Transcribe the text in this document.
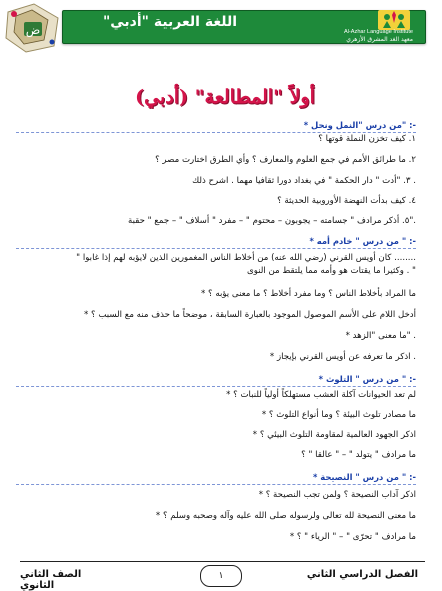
ض	اللغة العربية "أدبي"
Al-Azhar Language Institute
معهد الغد المشرق الأزهري
أولاً "المطالعة" (أدبي)
* من درس "النمل ونحل" :-
١. كيف تخزن النملة قوتها ؟
٢. ما طرائق الأمم في جمع العلوم والمعارف ؟ وأي الطرق اختارت مصر ؟
٣. "أدت " دار الحكمة " في بغداد دورا ثقافيا مهما . اشرح ذلك .
٤. كيف بدأت النهضة الأوروبية الحديثة ؟
٥. أذكر مرادف " جسامته – يجوبون – محتوم " – مفرد " أسلاف " – جمع " حقبة".
* من درس " خادم أمه " :-
" كان أويس القرني (رضي الله عنه) من أخلاط الناس المغمورين الذين لايؤبه لهم إذا غابوا ........
وكثيرا ما يقتات هو وأمه مما يلتقط من النوى . "
* ما المراد بأخلاط الناس ؟ وما مفرد أخلاط ؟ ما معنى يؤبه ؟
* أدخل اللام على الأسم الموصول الموجود بالعبارة السابقة ، موضحاً ما حذف منه مع السبب ؟
* ما معنى "الزهد" .
* اذكر ما تعرفه عن أويس القرني بإيجاز .
* من درس " التلوث " :-
* لم تعد الحيوانات آكلة العشب مستهلكاً أولياً للنبات ؟
* ما مصادر تلوث البيئة ؟ وما أنواع التلوث ؟
* اذكر الجهود العالمية لمقاومة التلوث البيئي ؟
ما مرادف " يتولد " – " عالقا " ؟
* من درس " النصيحة " :-
* اذكر آداب النصيحة ؟ ولمن تجب النصيحة ؟
* ما معنى النصيحة لله تعالى ولرسوله صلى الله عليه وآله وصحبه وسلم ؟
* ما مرادف " تحرّى " – " الرياء " ؟
الفصل الدراسي الثاني
١
الصف الثاني الثانوي
